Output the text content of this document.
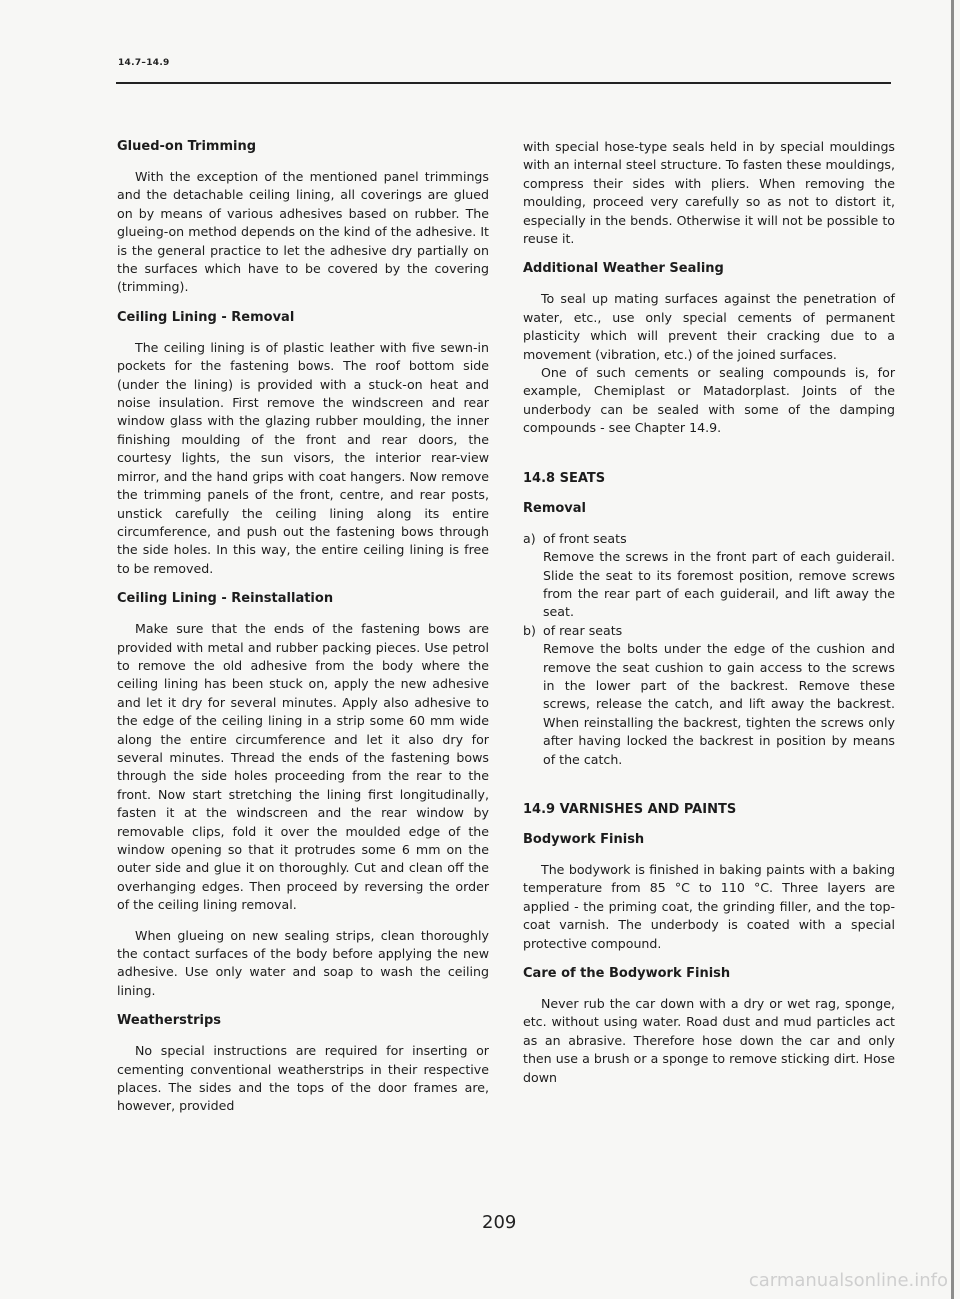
14.7–14.9
Glued-on Trimming

With the exception of the mentioned panel trimmings and the detachable ceiling lining, all coverings are glued on by means of various adhesives based on rubber. The glueing-on method depends on the kind of the adhesive. It is the general practice to let the adhesive dry partially on the surfaces which have to be covered by the covering (trimming).

Ceiling Lining - Removal

The ceiling lining is of plastic leather with five sewn-in pockets for the fastening bows. The roof bottom side (under the lining) is provided with a stuck-on heat and noise insulation. First remove the windscreen and rear window glass with the glazing rubber moulding, the inner finishing moulding of the front and rear doors, the courtesy lights, the sun visors, the interior rear-view mirror, and the hand grips with coat hangers. Now remove the trimming panels of the front, centre, and rear posts, unstick carefully the ceiling lining along its entire circumference, and push out the fastening bows through the side holes. In this way, the entire ceiling lining is free to be removed.

Ceiling Lining - Reinstallation

Make sure that the ends of the fastening bows are provided with metal and rubber packing pieces. Use petrol to remove the old adhesive from the body where the ceiling lining has been stuck on, apply the new adhesive and let it dry for several minutes. Apply also adhesive to the edge of the ceiling lining in a strip some 60 mm wide along the entire circumference and let it also dry for several minutes. Thread the ends of the fastening bows through the side holes proceeding from the rear to the front. Now start stretching the lining first longitudinally, fasten it at the windscreen and the rear window by removable clips, fold it over the moulded edge of the window opening so that it protrudes some 6 mm on the outer side and glue it on thoroughly. Cut and clean off the overhanging edges. Then proceed by reversing the order of the ceiling lining removal.

When glueing on new sealing strips, clean thoroughly the contact surfaces of the body before applying the new adhesive. Use only water and soap to wash the ceiling lining.

Weatherstrips

No special instructions are required for inserting or cementing conventional weatherstrips in their respective places. The sides and the tops of the door frames are, however, provided

with special hose-type seals held in by special mouldings with an internal steel structure. To fasten these mouldings, compress their sides with pliers. When removing the moulding, proceed very carefully so as not to distort it, especially in the bends. Otherwise it will not be possible to reuse it.

Additional Weather Sealing

To seal up mating surfaces against the penetration of water, etc., use only special cements of permanent plasticity which will prevent their cracking due to a movement (vibration, etc.) of the joined surfaces.

One of such cements or sealing compounds is, for example, Chemiplast or Matadorplast. Joints of the underbody can be sealed with some of the damping compounds - see Chapter 14.9.

14.8 SEATS
Removal
a) of front seats
Remove the screws in the front part of each guiderail. Slide the seat to its foremost position, remove screws from the rear part of each guiderail, and lift away the seat.
b) of rear seats
Remove the bolts under the edge of the cushion and remove the seat cushion to gain access to the screws in the lower part of the backrest. Remove these screws, release the catch, and lift away the backrest. When reinstalling the backrest, tighten the screws only after having locked the backrest in position by means of the catch.
14.9 VARNISHES AND PAINTS
Bodywork Finish

The bodywork is finished in baking paints with a baking temperature from 85 °C to 110 °C. Three layers are applied - the priming coat, the grinding filler, and the top-coat varnish. The underbody is coated with a special protective compound.

Care of the Bodywork Finish

Never rub the car down with a dry or wet rag, sponge, etc. without using water. Road dust and mud particles act as an abrasive. Therefore hose down the car and only then use a brush or a sponge to remove sticking dirt. Hose down

209
carmanualsonline.info
